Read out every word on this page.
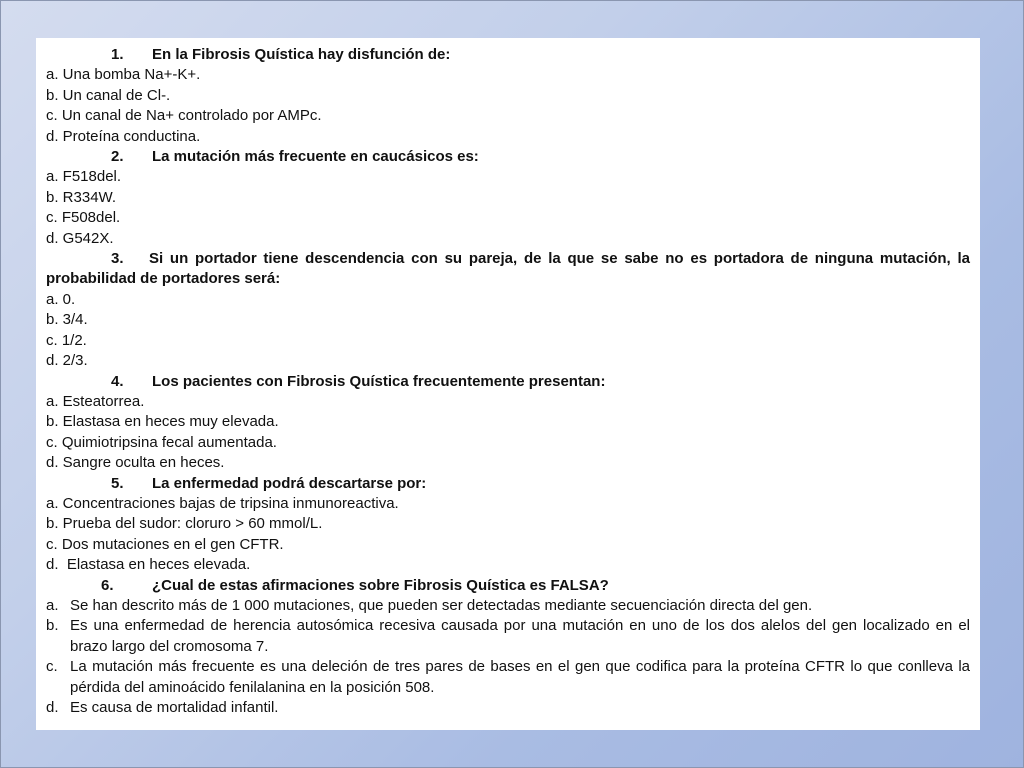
1.	En la Fibrosis Quística hay disfunción de:
a. Una bomba Na+-K+.
b. Un canal de Cl-.
c. Un canal de Na+ controlado por AMPc.
d. Proteína conductina.
2.	La mutación más frecuente en caucásicos es:
a. F518del.
b. R334W.
c. F508del.
d. G542X.
3. Si un portador tiene descendencia con su pareja, de la que se sabe no es portadora de ninguna mutación, la probabilidad de portadores será:
a. 0.
b. 3/4.
c. 1/2.
d. 2/3.
4.	Los pacientes con Fibrosis Quística frecuentemente presentan:
a. Esteatorrea.
b. Elastasa en heces muy elevada.
c. Quimiotripsina fecal aumentada.
d. Sangre oculta en heces.
5.	La enfermedad podrá descartarse por:
a. Concentraciones bajas de tripsina inmunoreactiva.
b. Prueba del sudor: cloruro > 60 mmol/L.
c. Dos mutaciones en el gen CFTR.
d.  Elastasa en heces elevada.
6.	¿Cual de estas afirmaciones sobre Fibrosis Quística es FALSA?
a. Se han descrito más de 1 000 mutaciones, que pueden ser detectadas mediante secuenciación directa del gen.
b. Es una enfermedad de herencia autosómica recesiva causada por una mutación en uno de los dos alelos del gen localizado en el brazo largo del cromosoma 7.
c. La mutación más frecuente es una deleción de tres pares de bases en el gen que codifica para la proteína CFTR lo que conlleva la pérdida del aminoácido fenilalanina en la posición 508.
d. Es causa de mortalidad infantil.
